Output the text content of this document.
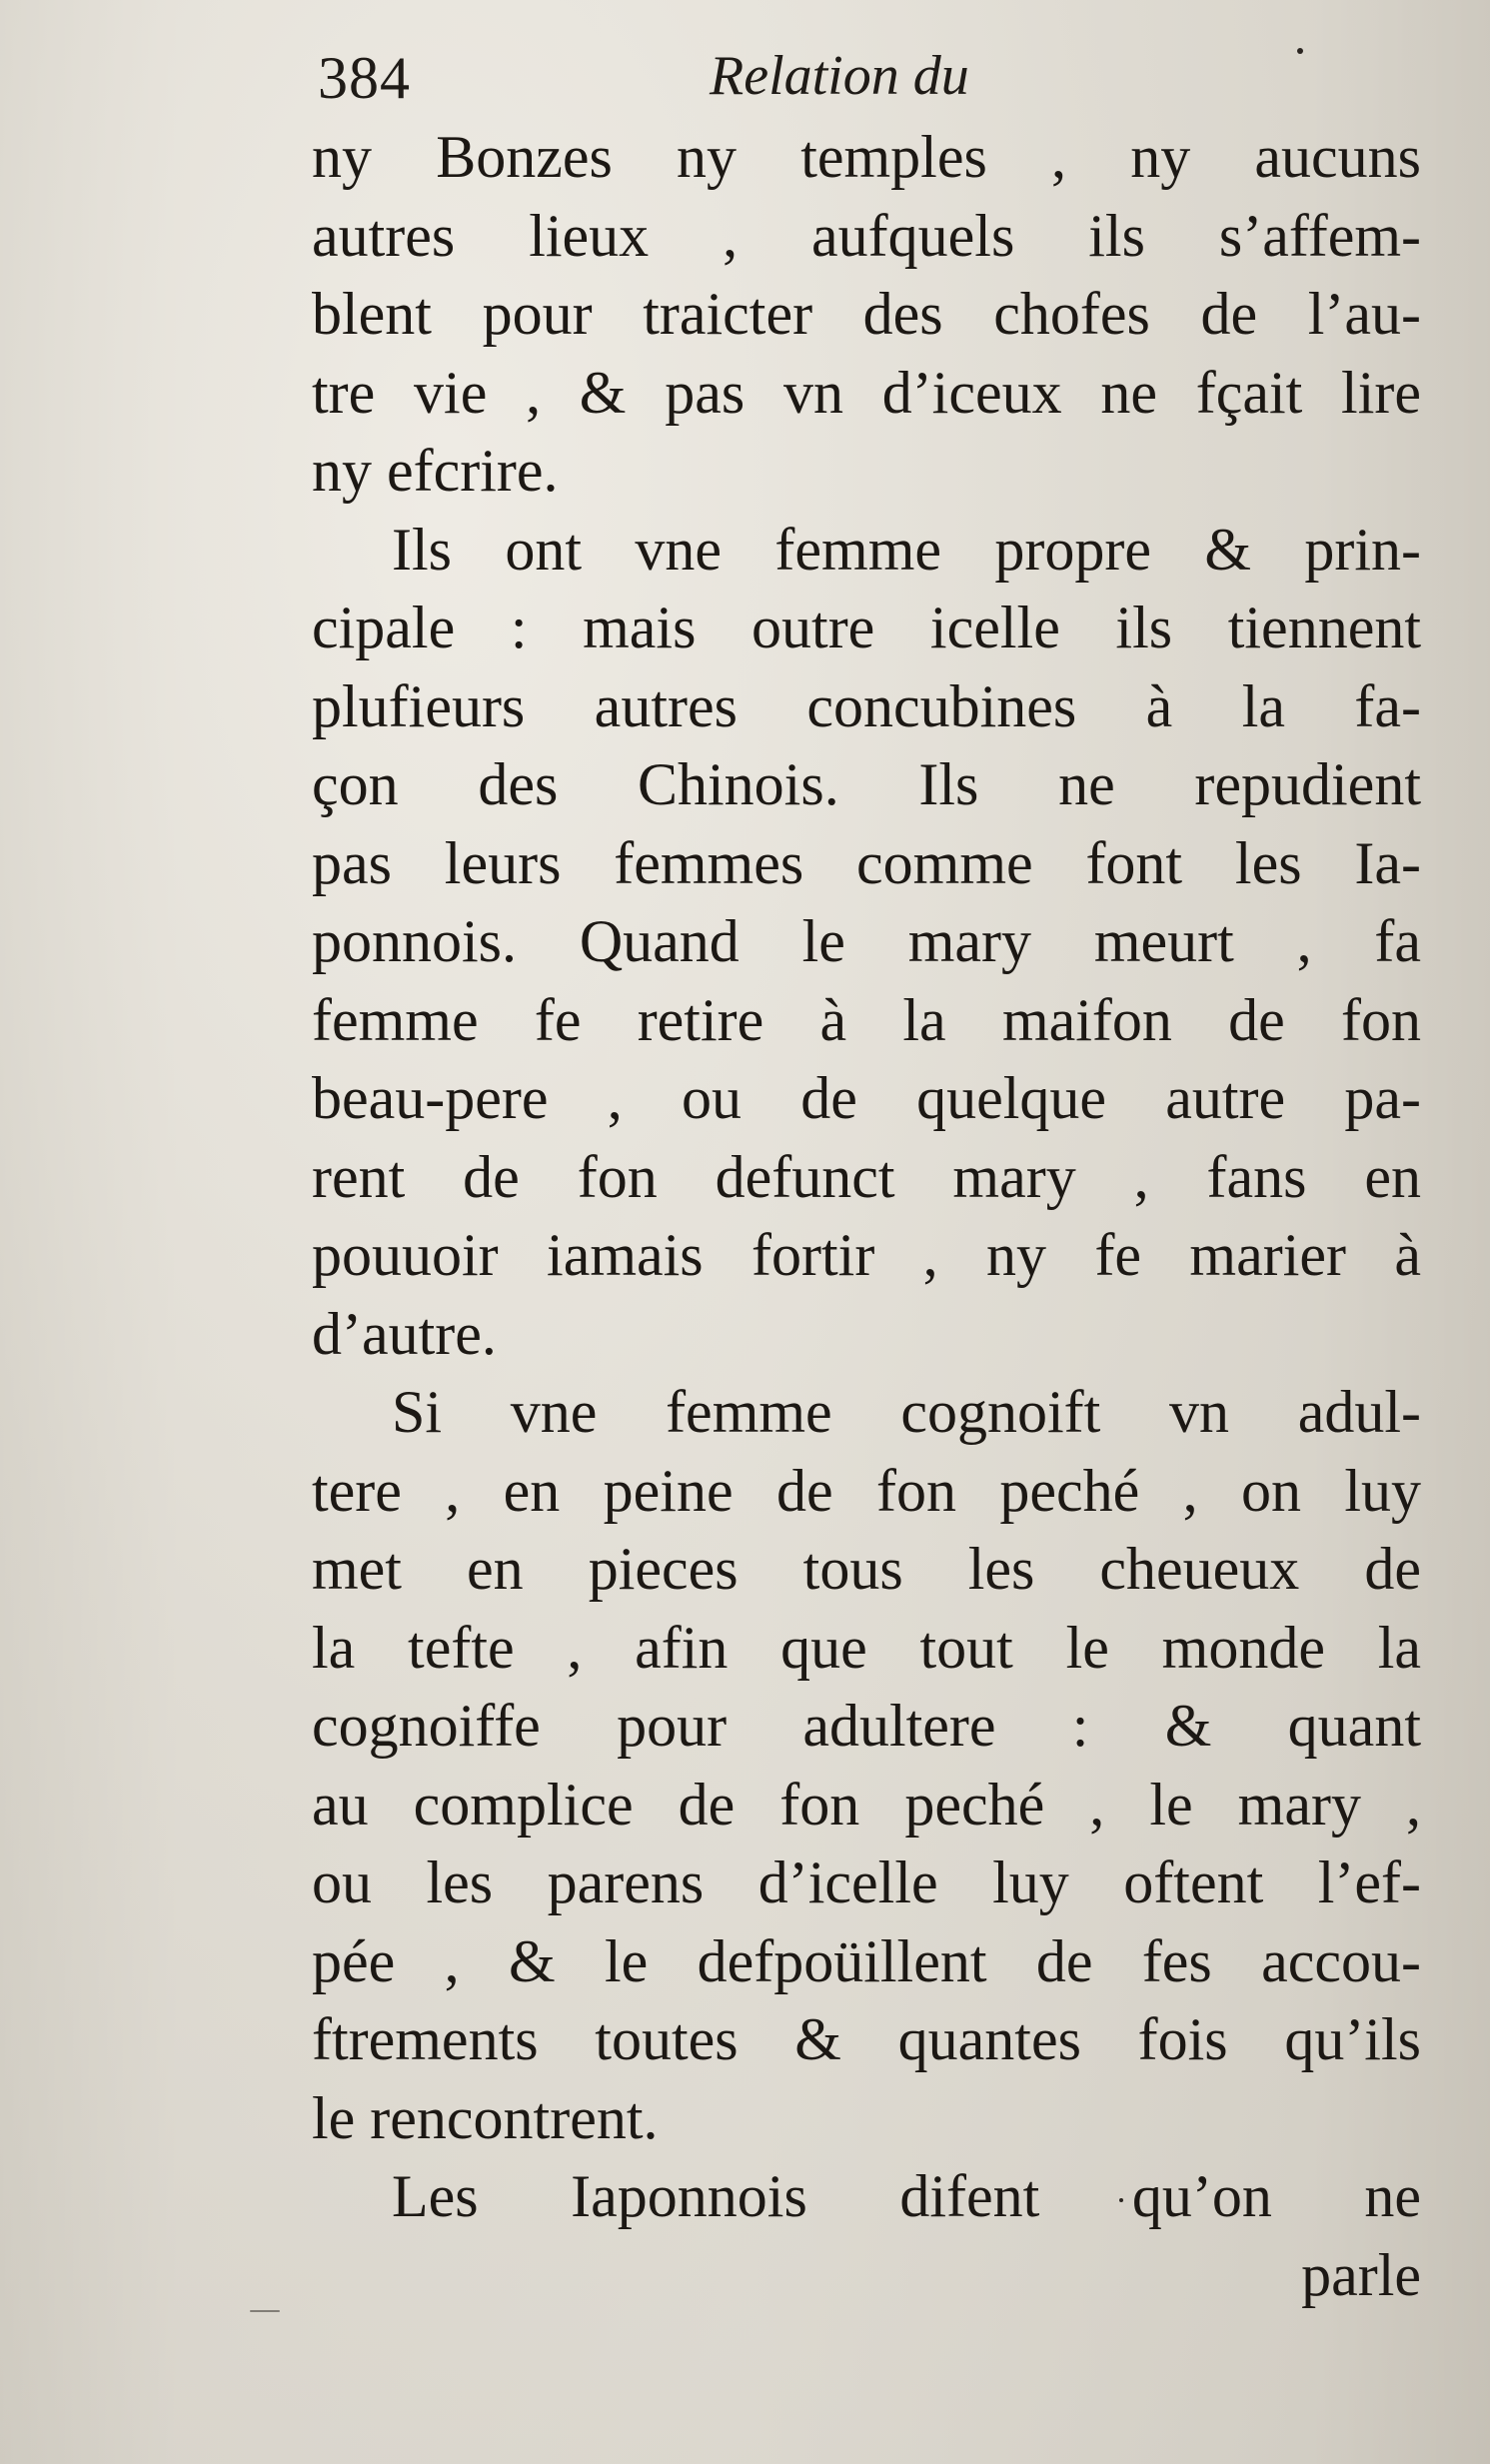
384	Relation du
ny Bonzes ny temples , ny aucuns
autres lieux , aufquels ils s’affem-
blent pour traicter des chofes de l’au-
tre vie , & pas vn d’iceux ne fçait lire
ny efcrire.
Ils ont vne femme propre & prin-
cipale : mais outre icelle ils tiennent
plufieurs autres concubines à la fa-
çon des Chinois. Ils ne repudient
pas leurs femmes comme font les Ia-
ponnois. Quand le mary meurt , fa
femme fe retire à la maifon de fon
beau-pere , ou de quelque autre pa-
rent de fon defunct mary , fans en
pouuoir iamais fortir , ny fe marier à
d’autre.
Si vne femme cognoift vn adul-
tere , en peine de fon peché , on luy
met en pieces tous les cheueux de
la tefte , afin que tout le monde la
cognoiffe pour adultere : & quant
au complice de fon peché , le mary ,
ou les parens d’icelle luy oftent l’ef-
pée , & le defpoüillent de fes accou-
ftrements toutes & quantes fois qu’ils
le rencontrent.
Les Iaponnois difent qu’on ne
parle
